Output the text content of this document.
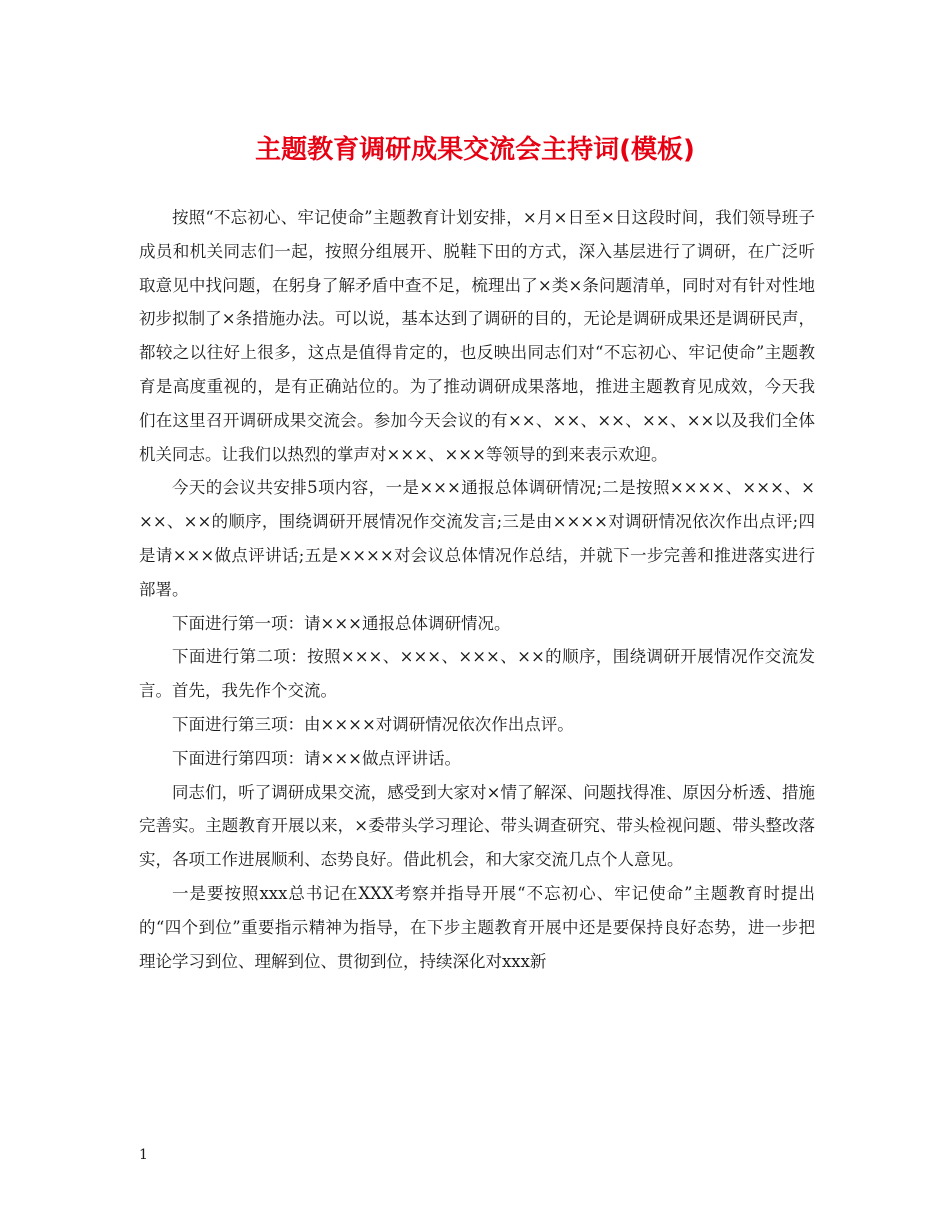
主题教育调研成果交流会主持词(模板)

按照“不忘初心、牢记使命”主题教育计划安排，×月×日至×日这段时间，我们领导班子成员和机关同志们一起，按照分组展开、脱鞋下田的方式，深入基层进行了调研，在广泛听取意见中找问题，在躬身了解矛盾中查不足，梳理出了×类×条问题清单，同时对有针对性地初步拟制了×条措施办法。可以说，基本达到了调研的目的，无论是调研成果还是调研民声，都较之以往好上很多，这点是值得肯定的，也反映出同志们对“不忘初心、牢记使命”主题教育是高度重视的，是有正确站位的。为了推动调研成果落地，推进主题教育见成效，今天我们在这里召开调研成果交流会。参加今天会议的有××、××、××、××、××以及我们全体机关同志。让我们以热烈的掌声对×××、×××等领导的到来表示欢迎。

今天的会议共安排5项内容，一是×××通报总体调研情况;二是按照××××、×××、×××、××的顺序，围绕调研开展情况作交流发言;三是由××××对调研情况依次作出点评;四是请×××做点评讲话;五是××××对会议总体情况作总结，并就下一步完善和推进落实进行部署。

下面进行第一项：请×××通报总体调研情况。

下面进行第二项：按照×××、×××、×××、××的顺序，围绕调研开展情况作交流发言。首先，我先作个交流。

下面进行第三项：由××××对调研情况依次作出点评。

下面进行第四项：请×××做点评讲话。

同志们，听了调研成果交流，感受到大家对×情了解深、问题找得准、原因分析透、措施完善实。主题教育开展以来，×委带头学习理论、带头调查研究、带头检视问题、带头整改落实，各项工作进展顺利、态势良好。借此机会，和大家交流几点个人意见。

一是要按照xxx总书记在XXX考察并指导开展“不忘初心、牢记使命”主题教育时提出的“四个到位”重要指示精神为指导，在下步主题教育开展中还是要保持良好态势，进一步把理论学习到位、理解到位、贯彻到位，持续深化对xxx新

1
